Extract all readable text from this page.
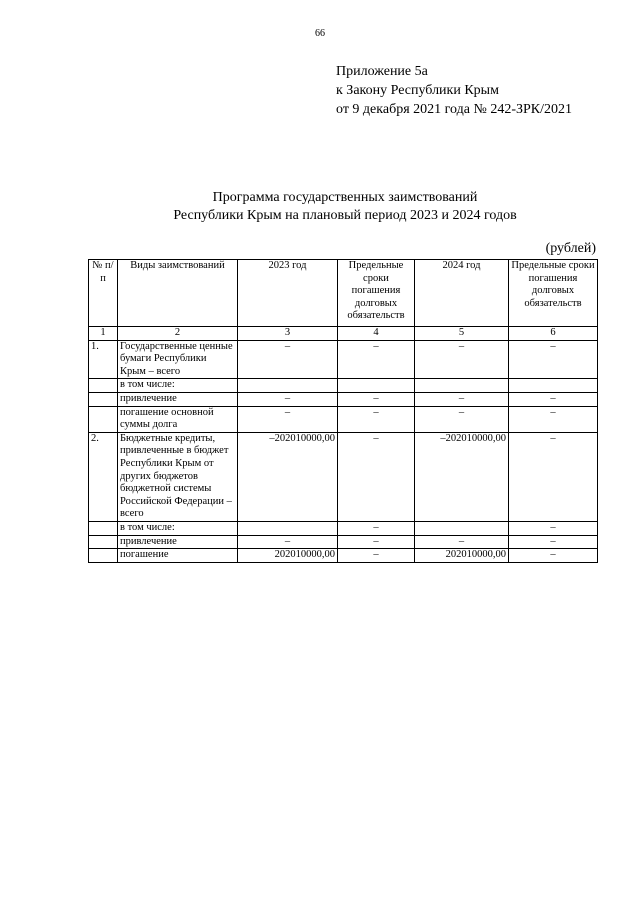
66
Приложение 5а
к Закону Республики Крым
от 9 декабря 2021 года № 242-ЗРК/2021
Программа государственных заимствований
Республики Крым на плановый период 2023 и 2024 годов
(рублей)
№ п/п	Виды заимствований	2023 год	Предельные сроки погашения долговых обязательств	2024 год	Предельные сроки погашения долговых обязательств
1	2	3	4	5	6
1.	Государственные ценные бумаги Республики Крым – всего	–	–	–	–
	в том числе:				
	привлечение	–	–	–	–
	погашение основной суммы долга	–	–	–	–
2.	Бюджетные кредиты, привлеченные в бюджет Республики Крым от других бюджетов бюджетной системы Российской Федерации – всего	–202010000,00	–	–202010000,00	–
	в том числе:		–		–
	привлечение	–	–	–	–
	погашение	202010000,00	–	202010000,00	–
